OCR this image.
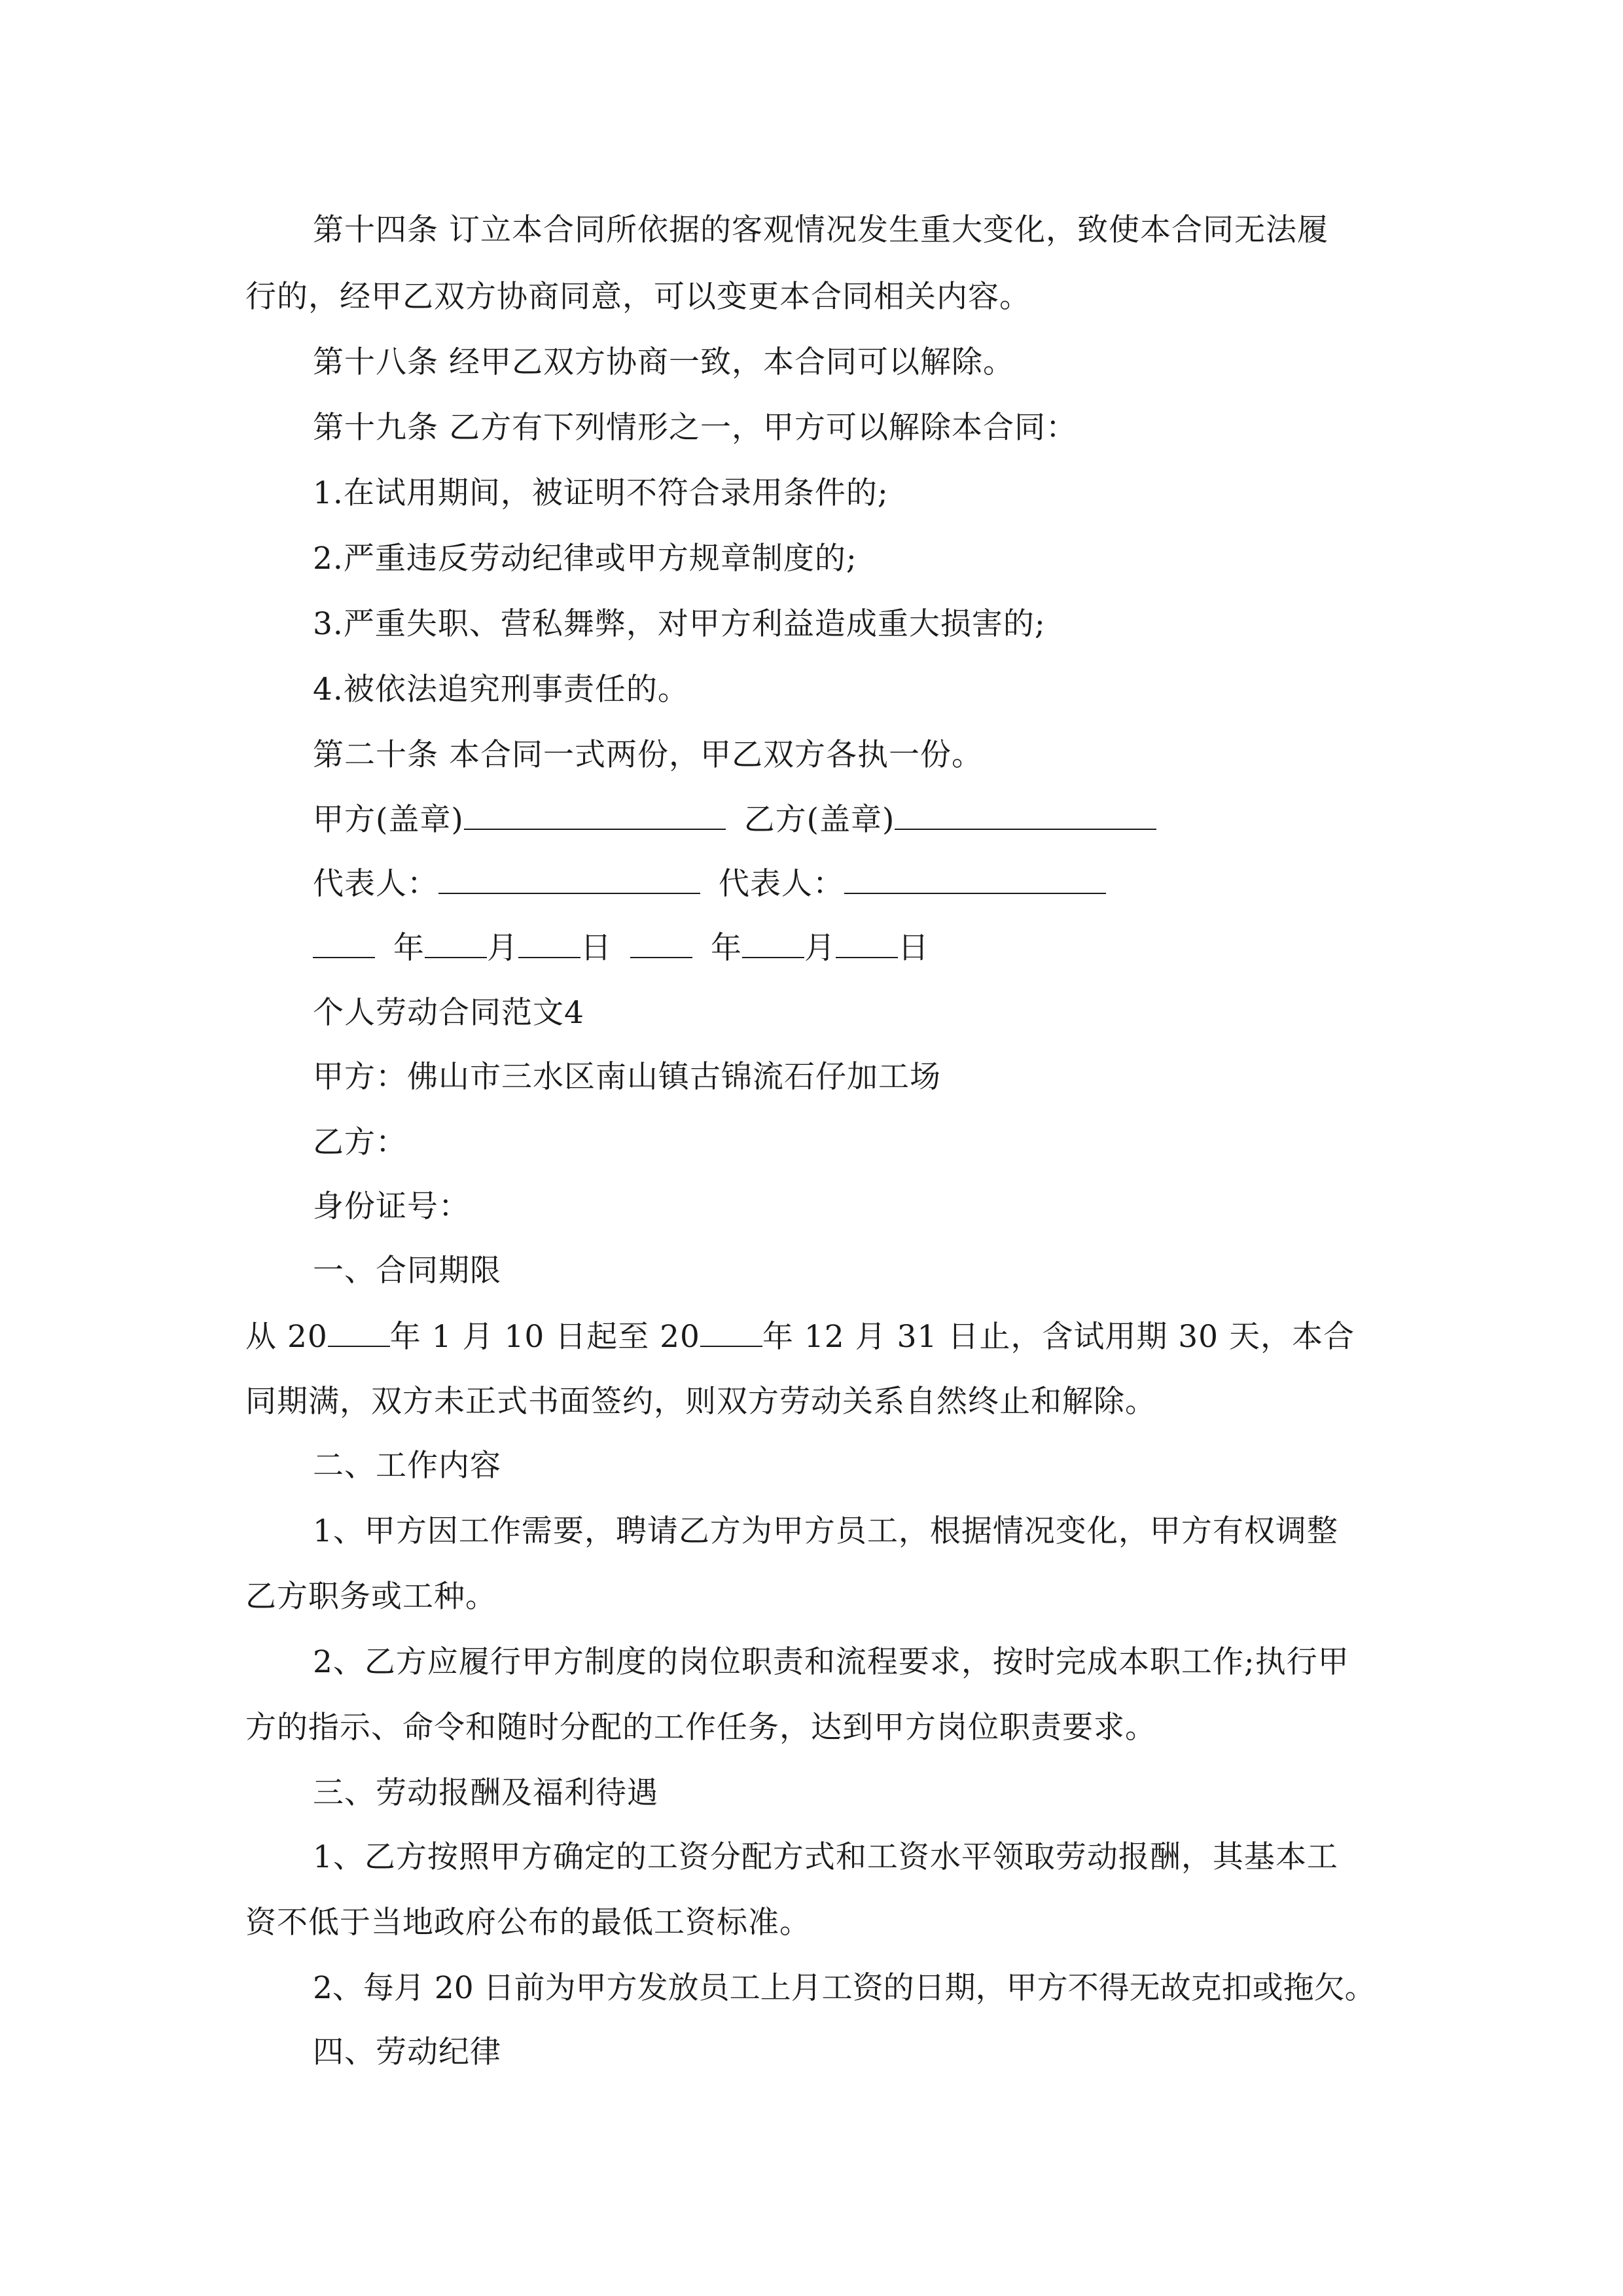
第十四条 订立本合同所依据的客观情况发生重大变化，致使本合同无法履
行的，经甲乙双方协商同意，可以变更本合同相关内容。
第十八条 经甲乙双方协商一致，本合同可以解除。
第十九条 乙方有下列情形之一，甲方可以解除本合同：
1.在试用期间，被证明不符合录用条件的;
2.严重违反劳动纪律或甲方规章制度的;
3.严重失职、营私舞弊，对甲方利益造成重大损害的;
4.被依法追究刑事责任的。
第二十条 本合同一式两份，甲乙双方各执一份。
甲方(盖章)	乙方(盖章)
代表人：	代表人：
年 月 日	年 月 日
个人劳动合同范文4
甲方：佛山市三水区南山镇古锦流石仔加工场
乙方：
身份证号：
一、合同期限
从 20 年 1 月 10 日起至 20 年 12 月 31 日止，含试用期 30 天，本合
同期满，双方未正式书面签约，则双方劳动关系自然终止和解除。
二、工作内容
1、甲方因工作需要，聘请乙方为甲方员工，根据情况变化，甲方有权调整
乙方职务或工种。
2、乙方应履行甲方制度的岗位职责和流程要求，按时完成本职工作;执行甲
方的指示、命令和随时分配的工作任务，达到甲方岗位职责要求。
三、劳动报酬及福利待遇
1、乙方按照甲方确定的工资分配方式和工资水平领取劳动报酬，其基本工
资不低于当地政府公布的最低工资标准。
2、每月 20 日前为甲方发放员工上月工资的日期，甲方不得无故克扣或拖欠。
四、劳动纪律
